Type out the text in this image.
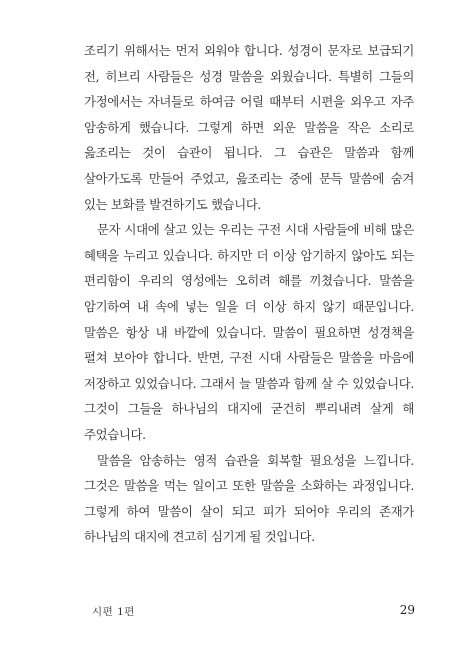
조리기 위해서는 먼저 외워야 합니다. 성경이 문자로 보급되기 전, 히브리 사람들은 성경 말씀을 외웠습니다. 특별히 그들의 가정에서는 자녀들로 하여금 어릴 때부터 시편을 외우고 자주 암송하게 했습니다. 그렇게 하면 외운 말씀을 작은 소리로 읊조리는 것이 습관이 됩니다. 그 습관은 말씀과 함께 살아가도록 만들어 주었고, 읊조리는 중에 문득 말씀에 숨겨 있는 보화를 발견하기도 했습니다.

문자 시대에 살고 있는 우리는 구전 시대 사람들에 비해 많은 혜택을 누리고 있습니다. 하지만 더 이상 암기하지 않아도 되는 편리함이 우리의 영성에는 오히려 해를 끼쳤습니다. 말씀을 암기하여 내 속에 넣는 일을 더 이상 하지 않기 때문입니다. 말씀은 항상 내 바깥에 있습니다. 말씀이 필요하면 성경책을 펼쳐 보아야 합니다. 반면, 구전 시대 사람들은 말씀을 마음에 저장하고 있었습니다. 그래서 늘 말씀과 함께 살 수 있었습니다. 그것이 그들을 하나님의 대지에 굳건히 뿌리내려 살게 해 주었습니다.

말씀을 암송하는 영적 습관을 회복할 필요성을 느낍니다. 그것은 말씀을 먹는 일이고 또한 말씀을 소화하는 과정입니다. 그렇게 하여 말씀이 살이 되고 피가 되어야 우리의 존재가 하나님의 대지에 견고히 심기게 될 것입니다.

시편 1편	29
